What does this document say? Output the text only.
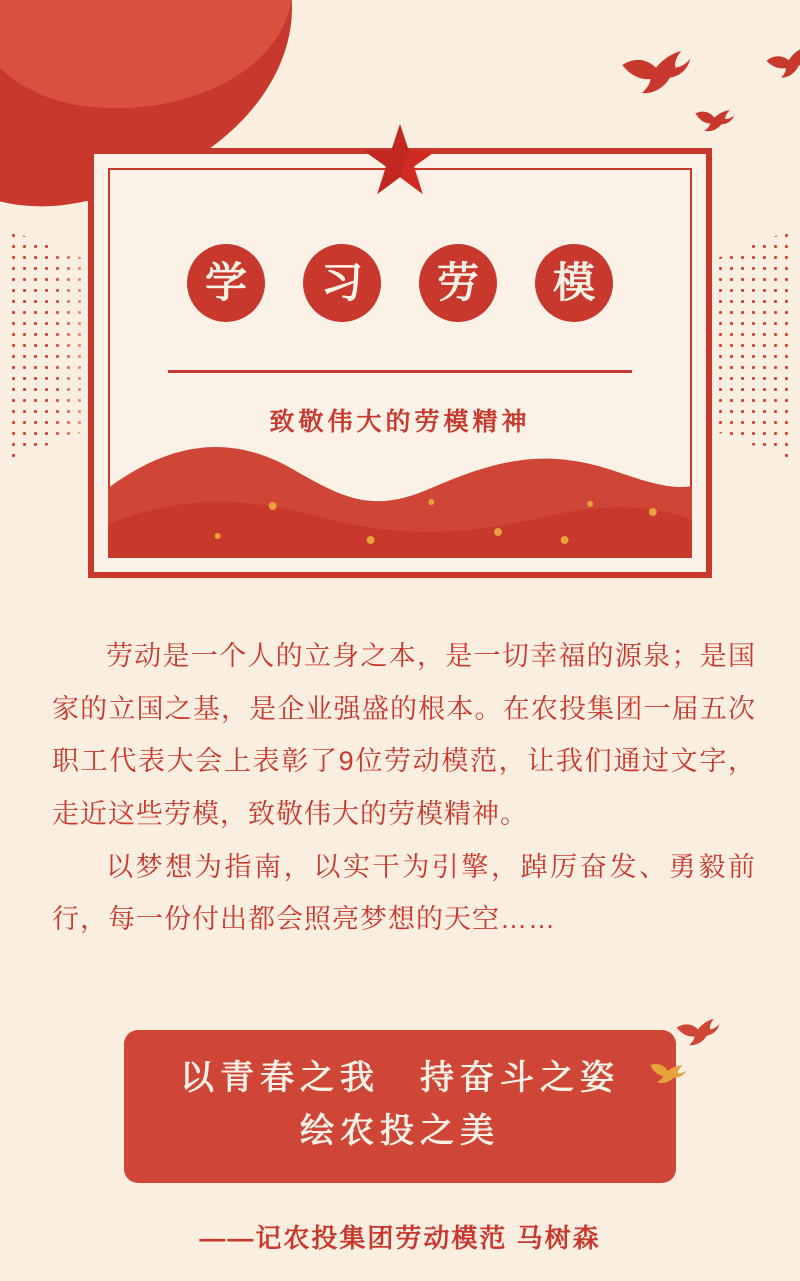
学	习	劳	模
致敬伟大的劳模精神

劳动是一个人的立身之本，是一切幸福的源泉；是国家的立国之基，是企业强盛的根本。在农投集团一届五次职工代表大会上表彰了9位劳动模范，让我们通过文字，走近这些劳模，致敬伟大的劳模精神。

以梦想为指南，以实干为引擎，踔厉奋发、勇毅前行，每一份付出都会照亮梦想的天空……

以青春之我　持奋斗之姿
绘农投之美
——记农投集团劳动模范 马树森
